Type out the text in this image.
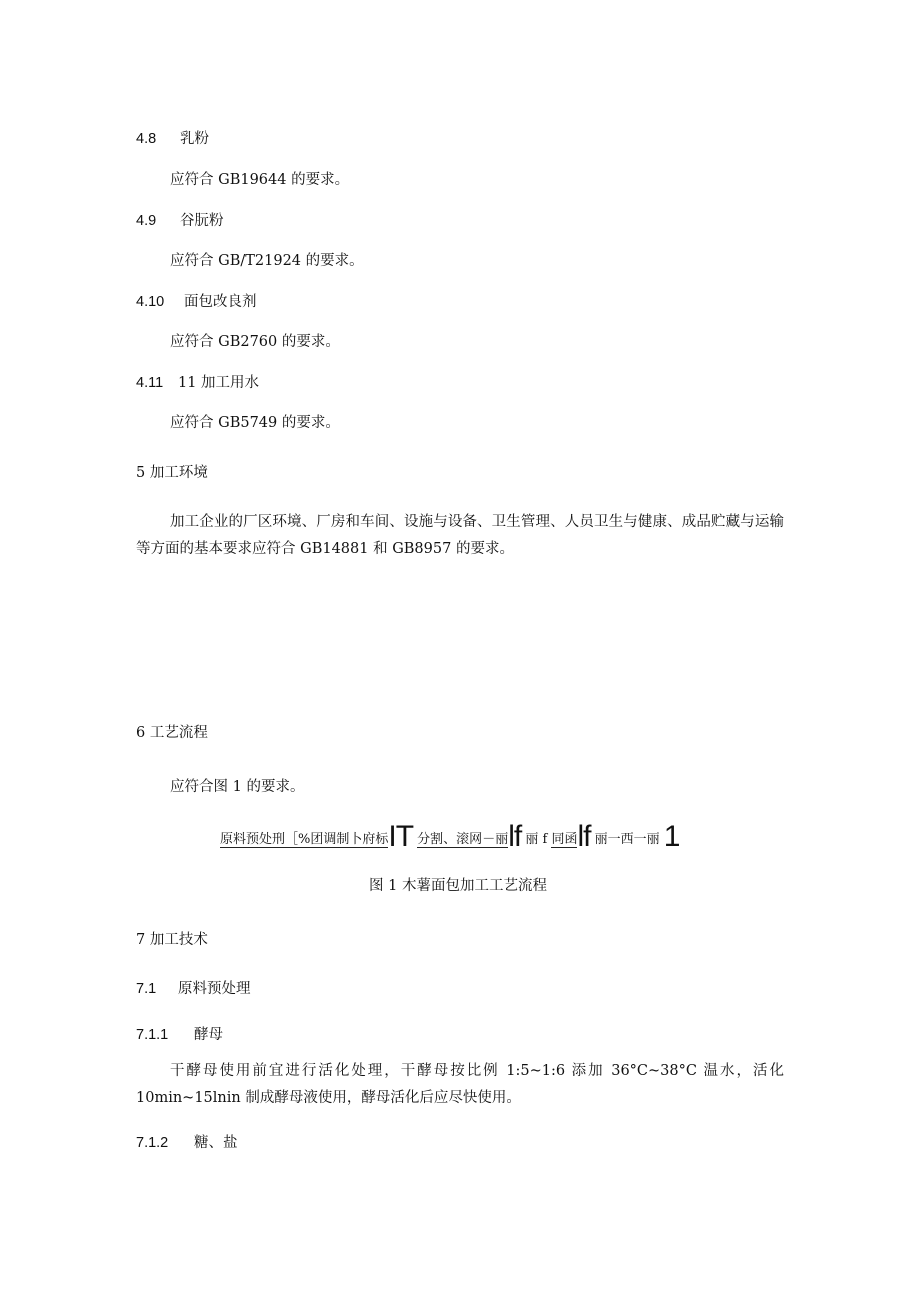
4.8 乳粉
应符合 GB19644 的要求。
4.9 谷朊粉
应符合 GB/T21924 的要求。
4.10 面包改良剂
应符合 GB2760 的要求。
4.11 11 加工用水
应符合 GB5749 的要求。
5 加工环境
加工企业的厂区环境、厂房和车间、设施与设备、卫生管理、人员卫生与健康、成品贮藏与运输等方面的基本要求应符合 GB14881 和 GB8957 的要求。
6 工艺流程
应符合图 1 的要求。
原料预处刑［%团调制卜府标IT 分割、滚网－丽lf 丽 f 同函lf 丽一西一丽 1
图 1 木薯面包加工工艺流程
7 加工技术
7.1 原料预处理
7.1.1 酵母
干酵母使用前宜进行活化处理，干酵母按比例 1:5~1:6 添加 36°C~38°C 温水，活化 10min~15lnin 制成酵母液使用，酵母活化后应尽快使用。
7.1.2 糖、盐
